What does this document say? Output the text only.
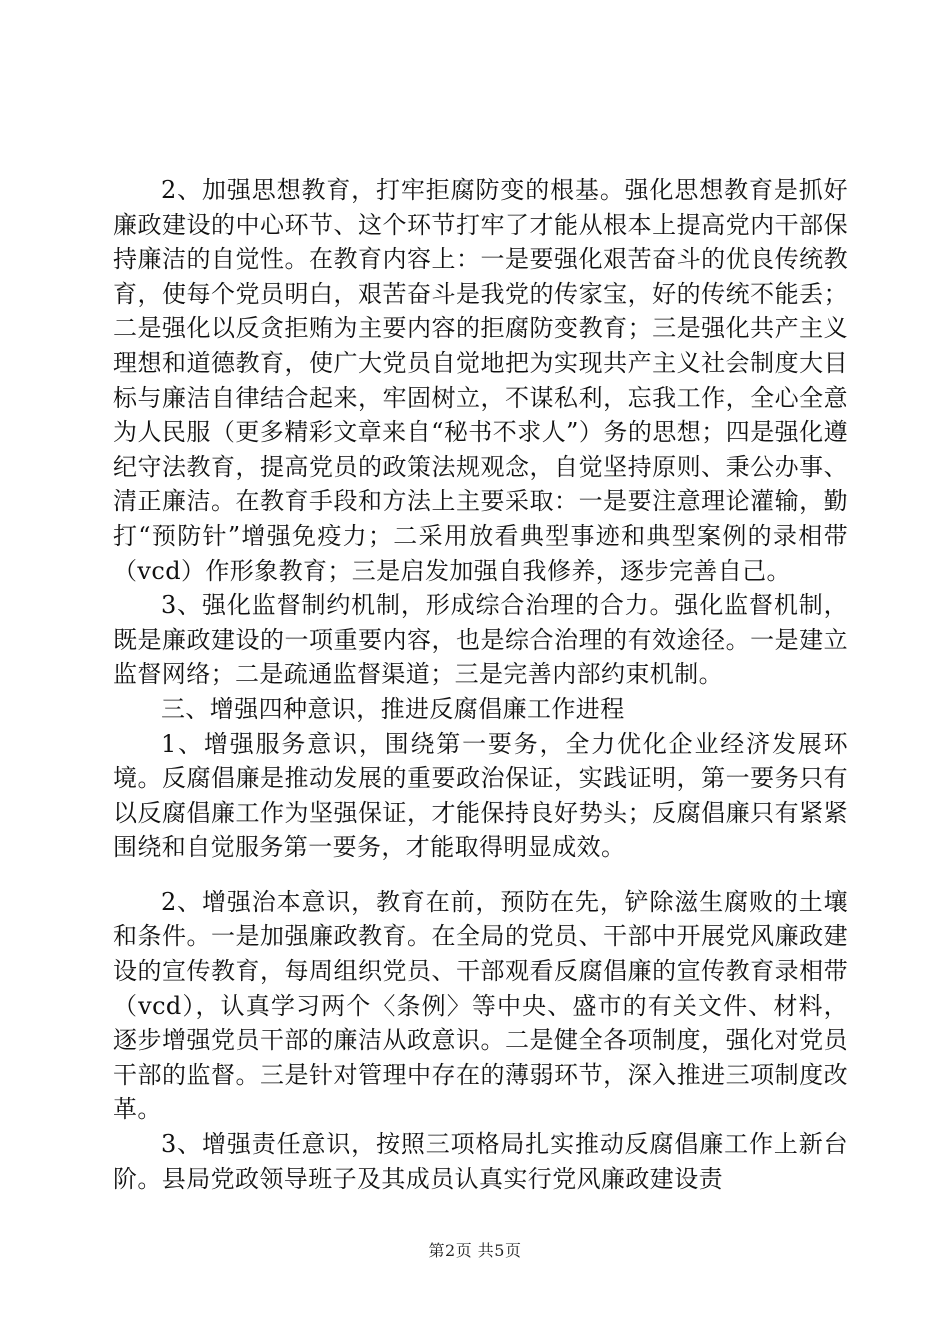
2、加强思想教育，打牢拒腐防变的根基。强化思想教育是抓好廉政建设的中心环节、这个环节打牢了才能从根本上提高党内干部保持廉洁的自觉性。在教育内容上：一是要强化艰苦奋斗的优良传统教育，使每个党员明白，艰苦奋斗是我党的传家宝，好的传统不能丢；二是强化以反贪拒贿为主要内容的拒腐防变教育；三是强化共产主义理想和道德教育，使广大党员自觉地把为实现共产主义社会制度大目标与廉洁自律结合起来，牢固树立，不谋私利，忘我工作，全心全意为人民服（更多精彩文章来自“秘书不求人”）务的思想；四是强化遵纪守法教育，提高党员的政策法规观念，自觉坚持原则、秉公办事、清正廉洁。在教育手段和方法上主要采取：一是要注意理论灌输，勤打“预防针”增强免疫力；二采用放看典型事迹和典型案例的录相带（vcd）作形象教育；三是启发加强自我修养，逐步完善自己。

3、强化监督制约机制，形成综合治理的合力。强化监督机制，既是廉政建设的一项重要内容，也是综合治理的有效途径。一是建立监督网络；二是疏通监督渠道；三是完善内部约束机制。

三、增强四种意识，推进反腐倡廉工作进程

1、增强服务意识，围绕第一要务，全力优化企业经济发展环境。反腐倡廉是推动发展的重要政治保证，实践证明，第一要务只有以反腐倡廉工作为坚强保证，才能保持良好势头；反腐倡廉只有紧紧围绕和自觉服务第一要务，才能取得明显成效。

2、增强治本意识，教育在前，预防在先，铲除滋生腐败的土壤和条件。一是加强廉政教育。在全局的党员、干部中开展党风廉政建设的宣传教育，每周组织党员、干部观看反腐倡廉的宣传教育录相带（vcd），认真学习两个〈条例〉等中央、盛市的有关文件、材料，逐步增强党员干部的廉洁从政意识。二是健全各项制度，强化对党员干部的监督。三是针对管理中存在的薄弱环节，深入推进三项制度改革。

3、增强责任意识，按照三项格局扎实推动反腐倡廉工作上新台阶。县局党政领导班子及其成员认真实行党风廉政建设责

第2页 共5页
